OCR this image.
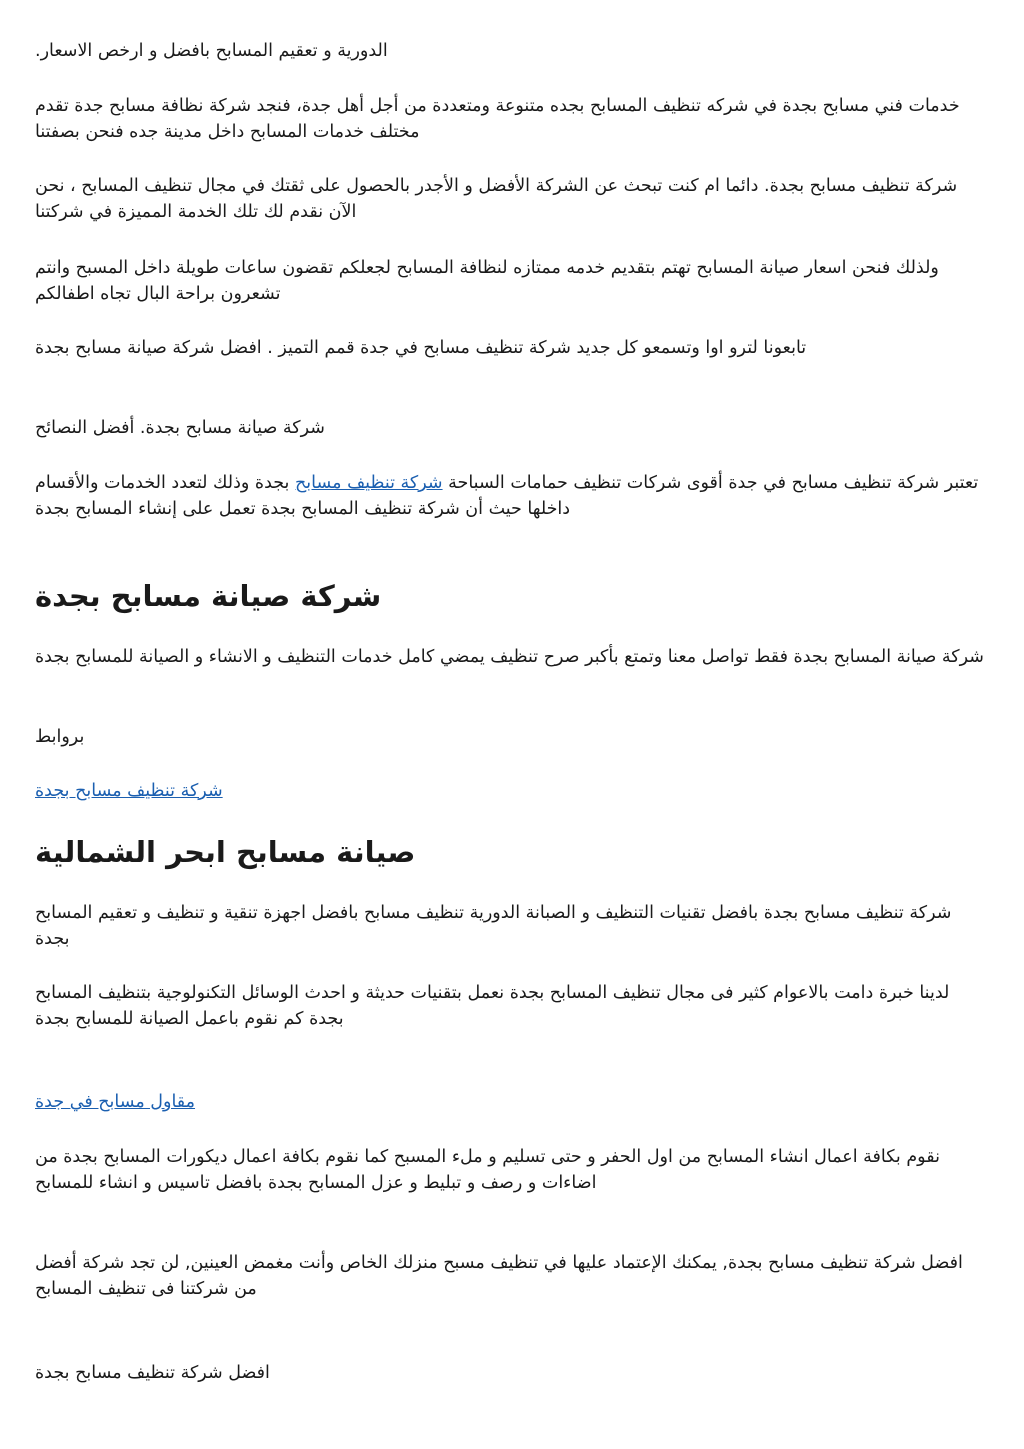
الدورية و تعقيم المسابح بافضل و ارخص الاسعار.

خدمات فني مسابح بجدة في شركه تنظيف المسابح بجده متنوعة ومتعددة من أجل أهل جدة، فنجد شركة نظافة مسابح جدة تقدم مختلف خدمات المسابح داخل مدينة جده فنحن بصفتنا

شركة تنظيف مسابح بجدة. دائما ام كنت تبحث عن الشركة الأفضل و الأجدر بالحصول على ثقتك في مجال تنظيف المسابح ، نحن الآن نقدم لك تلك الخدمة المميزة في شركتنا

ولذلك فنحن اسعار صيانة المسابح تهتم بتقديم خدمه ممتازه لنظافة المسابح لجعلكم تقضون ساعات طويلة داخل المسبح وانتم تشعرون براحة البال تجاه اطفالكم

تابعونا لترو اوا وتسمعو كل جديد شركة تنظيف مسابح في جدة قمم التميز . افضل شركة صيانة مسابح بجدة

شركة صيانة مسابح بجدة. أفضل النصائح

تعتبر شركة تنظيف مسابح في جدة أقوى شركات تنظيف حمامات السباحة شركة تنظيف مسابح بجدة وذلك لتعدد الخدمات والأقسام داخلها حيث أن شركة تنظيف المسابح بجدة تعمل على إنشاء المسابح بجدة

شركة صيانة مسابح بجدة

شركة صيانة المسابح بجدة فقط تواصل معنا وتمتع بأكبر صرح تنظيف يمضي كامل خدمات التنظيف و الانشاء و الصيانة للمسابح بجدة

بروابط

شركة تنظيف مسابح بجدة

صيانة مسابح ابحر الشمالية

شركة تنظيف مسابح بجدة بافضل تقنيات التنظيف و الصبانة الدورية تنظيف مسابح بافضل اجهزة تنقية و تنظيف و تعقيم المسابح بجدة

لدينا خبرة دامت بالاعوام كثير فى مجال تنظيف المسابح بجدة نعمل بتقنيات حديثة و احدث الوسائل التكنولوجية بتنظيف المسابح بجدة كم نقوم باعمل الصيانة للمسابح بجدة

مقاول مسابح في جدة

نقوم بكافة اعمال انشاء المسابح من اول الحفر و حتى تسليم و ملء المسبح كما نقوم بكافة اعمال ديكورات المسابح بجدة من اضاءات و رصف و تبليط و عزل المسابح بجدة بافضل تاسيس و انشاء للمسابح

افضل شركة تنظيف مسابح بجدة, يمكنك الإعتماد عليها في تنظيف مسبح منزلك الخاص وأنت مغمض العينين, لن تجد شركة أفضل من شركتنا فى تنظيف المسابح

افضل شركة تنظيف مسابح بجدة
